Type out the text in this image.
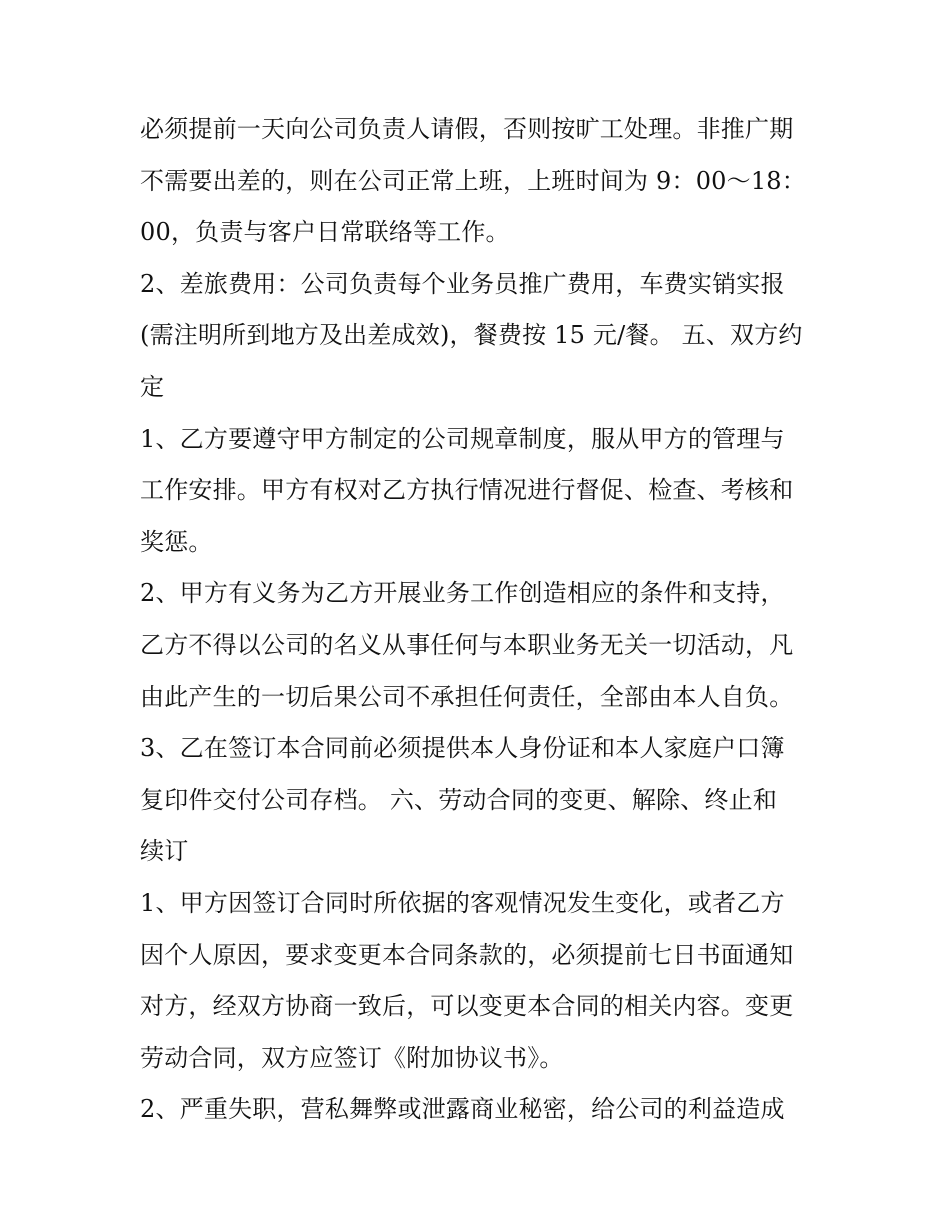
必须提前一天向公司负责人请假，否则按旷工处理。非推广期
不需要出差的，则在公司正常上班，上班时间为 9：00～18：
00，负责与客户日常联络等工作。
2、差旅费用：公司负责每个业务员推广费用，车费实销实报
(需注明所到地方及出差成效)，餐费按 15 元/餐。 五、双方约
定
1、乙方要遵守甲方制定的公司规章制度，服从甲方的管理与
工作安排。甲方有权对乙方执行情况进行督促、检查、考核和
奖惩。
2、甲方有义务为乙方开展业务工作创造相应的条件和支持，
乙方不得以公司的名义从事任何与本职业务无关一切活动，凡
由此产生的一切后果公司不承担任何责任，全部由本人自负。
3、乙在签订本合同前必须提供本人身份证和本人家庭户口簿
复印件交付公司存档。 六、劳动合同的变更、解除、终止和
续订
1、甲方因签订合同时所依据的客观情况发生变化，或者乙方
因个人原因，要求变更本合同条款的，必须提前七日书面通知
对方，经双方协商一致后，可以变更本合同的相关内容。变更
劳动合同，双方应签订《附加协议书》。
2、严重失职，营私舞弊或泄露商业秘密，给公司的利益造成
